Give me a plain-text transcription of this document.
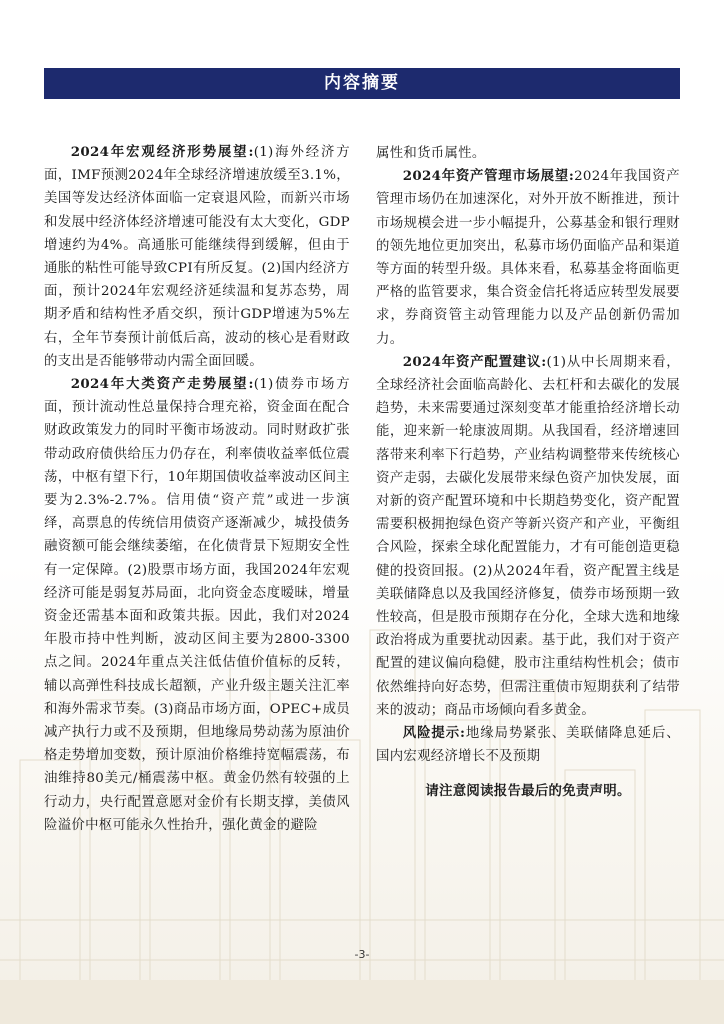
内容摘要

2024年宏观经济形势展望:(1)海外经济方面，IMF预测2024年全球经济增速放缓至3.1%，美国等发达经济体面临一定衰退风险，而新兴市场和发展中经济体经济增速可能没有太大变化，GDP增速约为4%。高通胀可能继续得到缓解，但由于通胀的粘性可能导致CPI有所反复。(2)国内经济方面，预计2024年宏观经济延续温和复苏态势，周期矛盾和结构性矛盾交织，预计GDP增速为5%左右，全年节奏预计前低后高，波动的核心是看财政的支出是否能够带动内需全面回暖。

2024年大类资产走势展望:(1)债券市场方面，预计流动性总量保持合理充裕，资金面在配合财政政策发力的同时平衡市场波动。同时财政扩张带动政府债供给压力仍存在，利率债收益率低位震荡，中枢有望下行，10年期国债收益率波动区间主要为2.3%-2.7%。信用债“资产荒”或进一步演绎，高票息的传统信用债资产逐渐减少，城投债务融资额可能会继续萎缩，在化债背景下短期安全性有一定保障。(2)股票市场方面，我国2024年宏观经济可能是弱复苏局面，北向资金态度暧昧，增量资金还需基本面和政策共振。因此，我们对2024年股市持中性判断，波动区间主要为2800-3300点之间。2024年重点关注低估值价值标的反转，辅以高弹性科技成长超额，产业升级主题关注汇率和海外需求节奏。(3)商品市场方面，OPEC+成员减产执行力或不及预期，但地缘局势动荡为原油价格走势增加变数，预计原油价格维持宽幅震荡，布油维持80美元/桶震荡中枢。黄金仍然有较强的上行动力，央行配置意愿对金价有长期支撑，美债风险溢价中枢可能永久性抬升，强化黄金的避险

属性和货币属性。

2024年资产管理市场展望:2024年我国资产管理市场仍在加速深化，对外开放不断推进，预计市场规模会进一步小幅提升，公募基金和银行理财的领先地位更加突出，私募市场仍面临产品和渠道等方面的转型升级。具体来看，私募基金将面临更严格的监管要求，集合资金信托将适应转型发展要求，券商资管主动管理能力以及产品创新仍需加力。

2024年资产配置建议:(1)从中长周期来看，全球经济社会面临高龄化、去杠杆和去碳化的发展趋势，未来需要通过深刻变革才能重拾经济增长动能，迎来新一轮康波周期。从我国看，经济增速回落带来利率下行趋势，产业结构调整带来传统核心资产走弱，去碳化发展带来绿色资产加快发展，面对新的资产配置环境和中长期趋势变化，资产配置需要积极拥抱绿色资产等新兴资产和产业，平衡组合风险，探索全球化配置能力，才有可能创造更稳健的投资回报。(2)从2024年看，资产配置主线是美联储降息以及我国经济修复，债券市场预期一致性较高，但是股市预期存在分化，全球大选和地缘政治将成为重要扰动因素。基于此，我们对于资产配置的建议偏向稳健，股市注重结构性机会；债市依然维持向好态势，但需注重债市短期获利了结带来的波动；商品市场倾向看多黄金。

风险提示:地缘局势紧张、美联储降息延后、国内宏观经济增长不及预期

请注意阅读报告最后的免责声明。

-3-
